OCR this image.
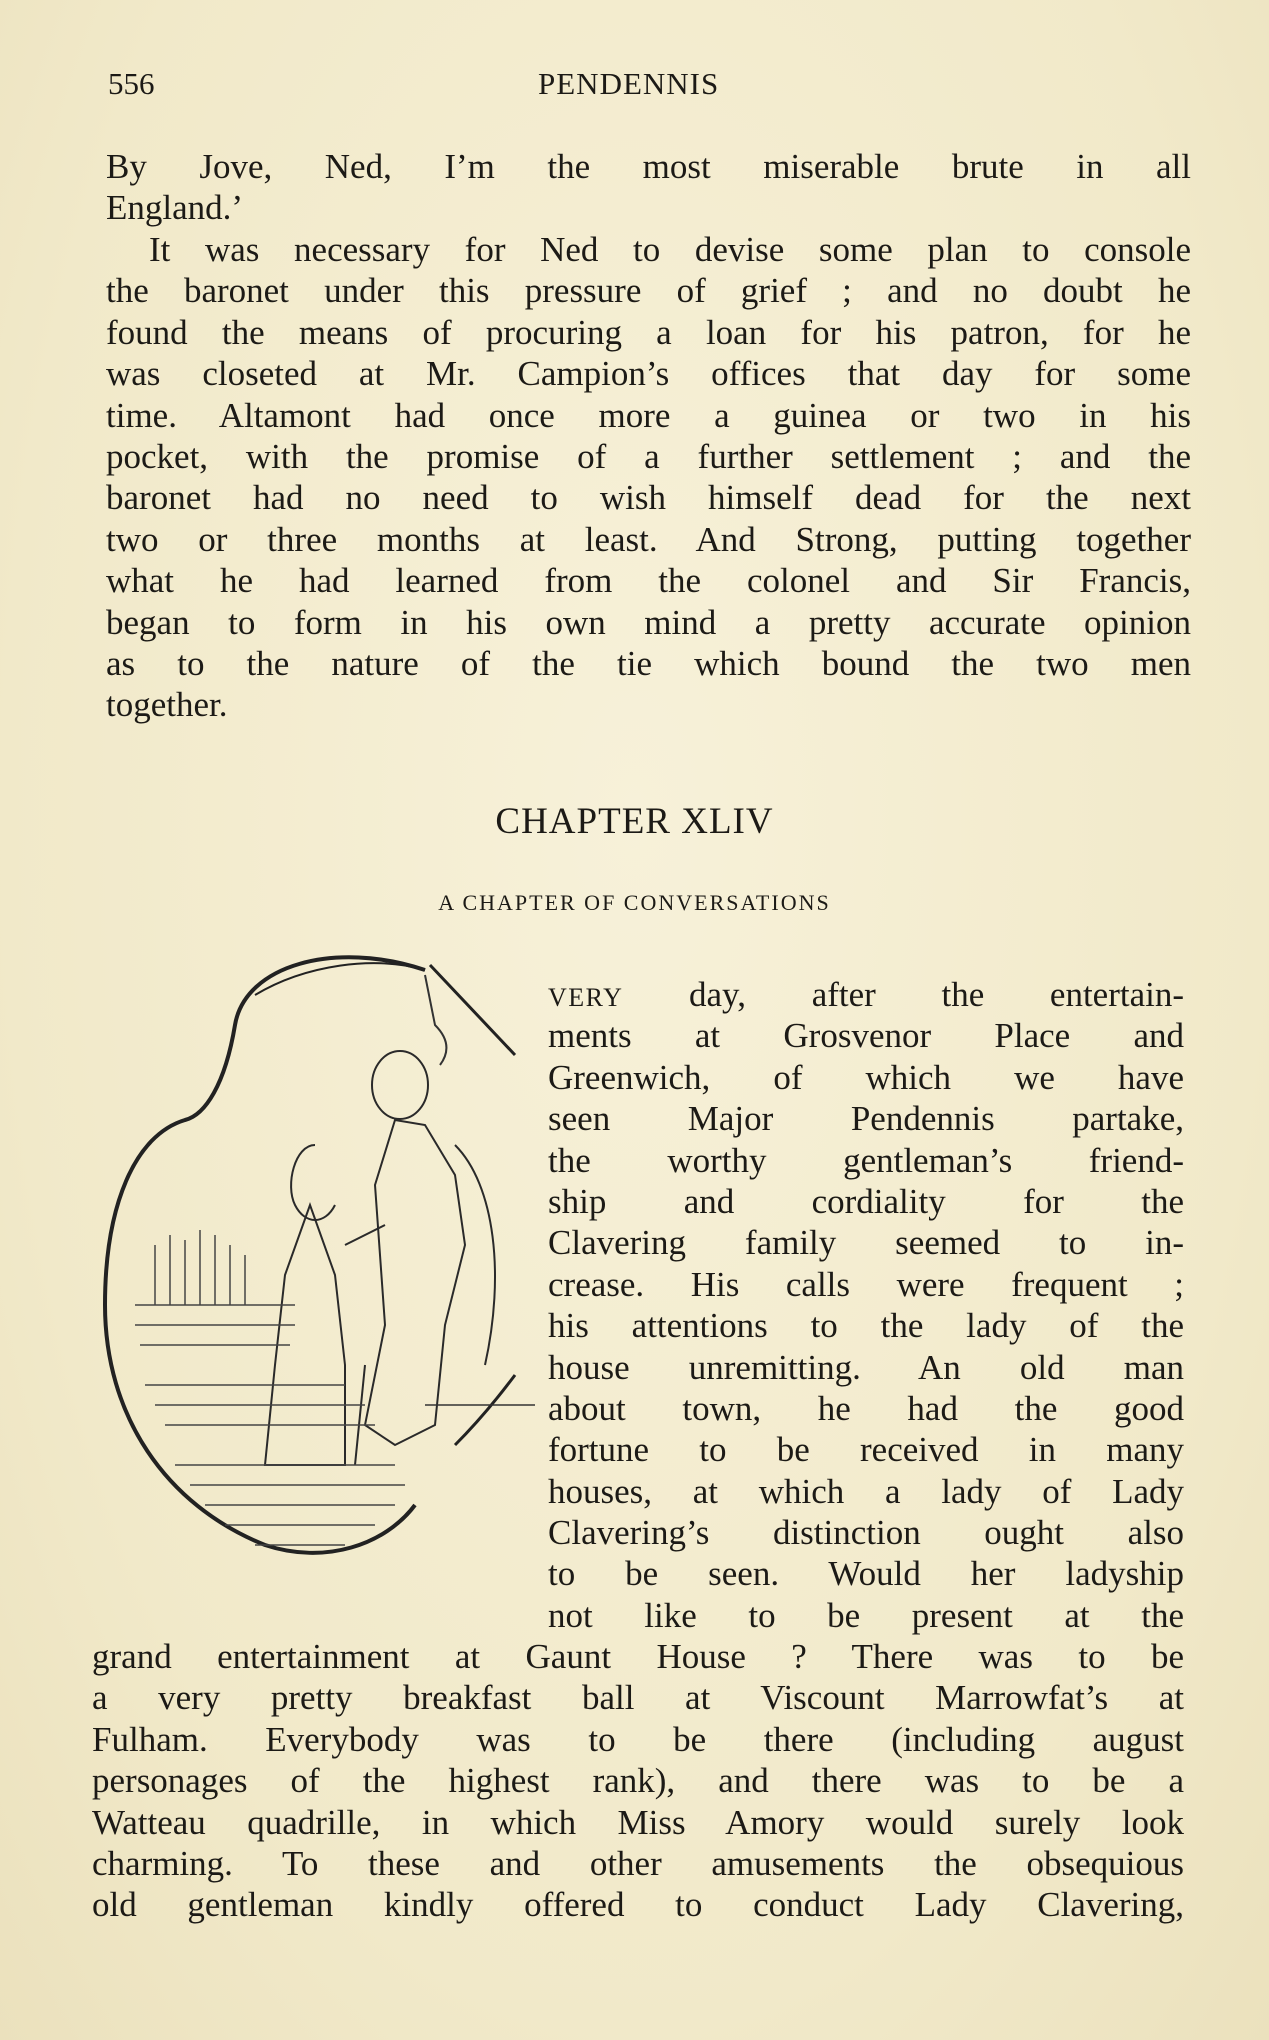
556	PENDENNIS
By Jove, Ned, I’m the most miserable brute in all
England.’
It was necessary for Ned to devise some plan to console
the baronet under this pressure of grief ; and no doubt he
found the means of procuring a loan for his patron, for he
was closeted at Mr. Campion’s offices that day for some
time. Altamont had once more a guinea or two in his
pocket, with the promise of a further settlement ; and the
baronet had no need to wish himself dead for the next
two or three months at least. And Strong, putting together
what he had learned from the colonel and Sir Francis,
began to form in his own mind a pretty accurate opinion
as to the nature of the tie which bound the two men
together.
CHAPTER XLIV
A CHAPTER OF CONVERSATIONS
VERY day, after the entertain-
ments at Grosvenor Place and
Greenwich, of which we have
seen Major Pendennis partake,
the worthy gentleman’s friend-
ship and cordiality for the
Clavering family seemed to in-
crease. His calls were frequent ;
his attentions to the lady of the
house unremitting. An old man
about town, he had the good
fortune to be received in many
houses, at which a lady of Lady
Clavering’s distinction ought also
to be seen. Would her ladyship
not like to be present at the
grand entertainment at Gaunt House ? There was to be
a very pretty breakfast ball at Viscount Marrowfat’s at
Fulham. Everybody was to be there (including august
personages of the highest rank), and there was to be a
Watteau quadrille, in which Miss Amory would surely look
charming. To these and other amusements the obsequious
old gentleman kindly offered to conduct Lady Clavering,
